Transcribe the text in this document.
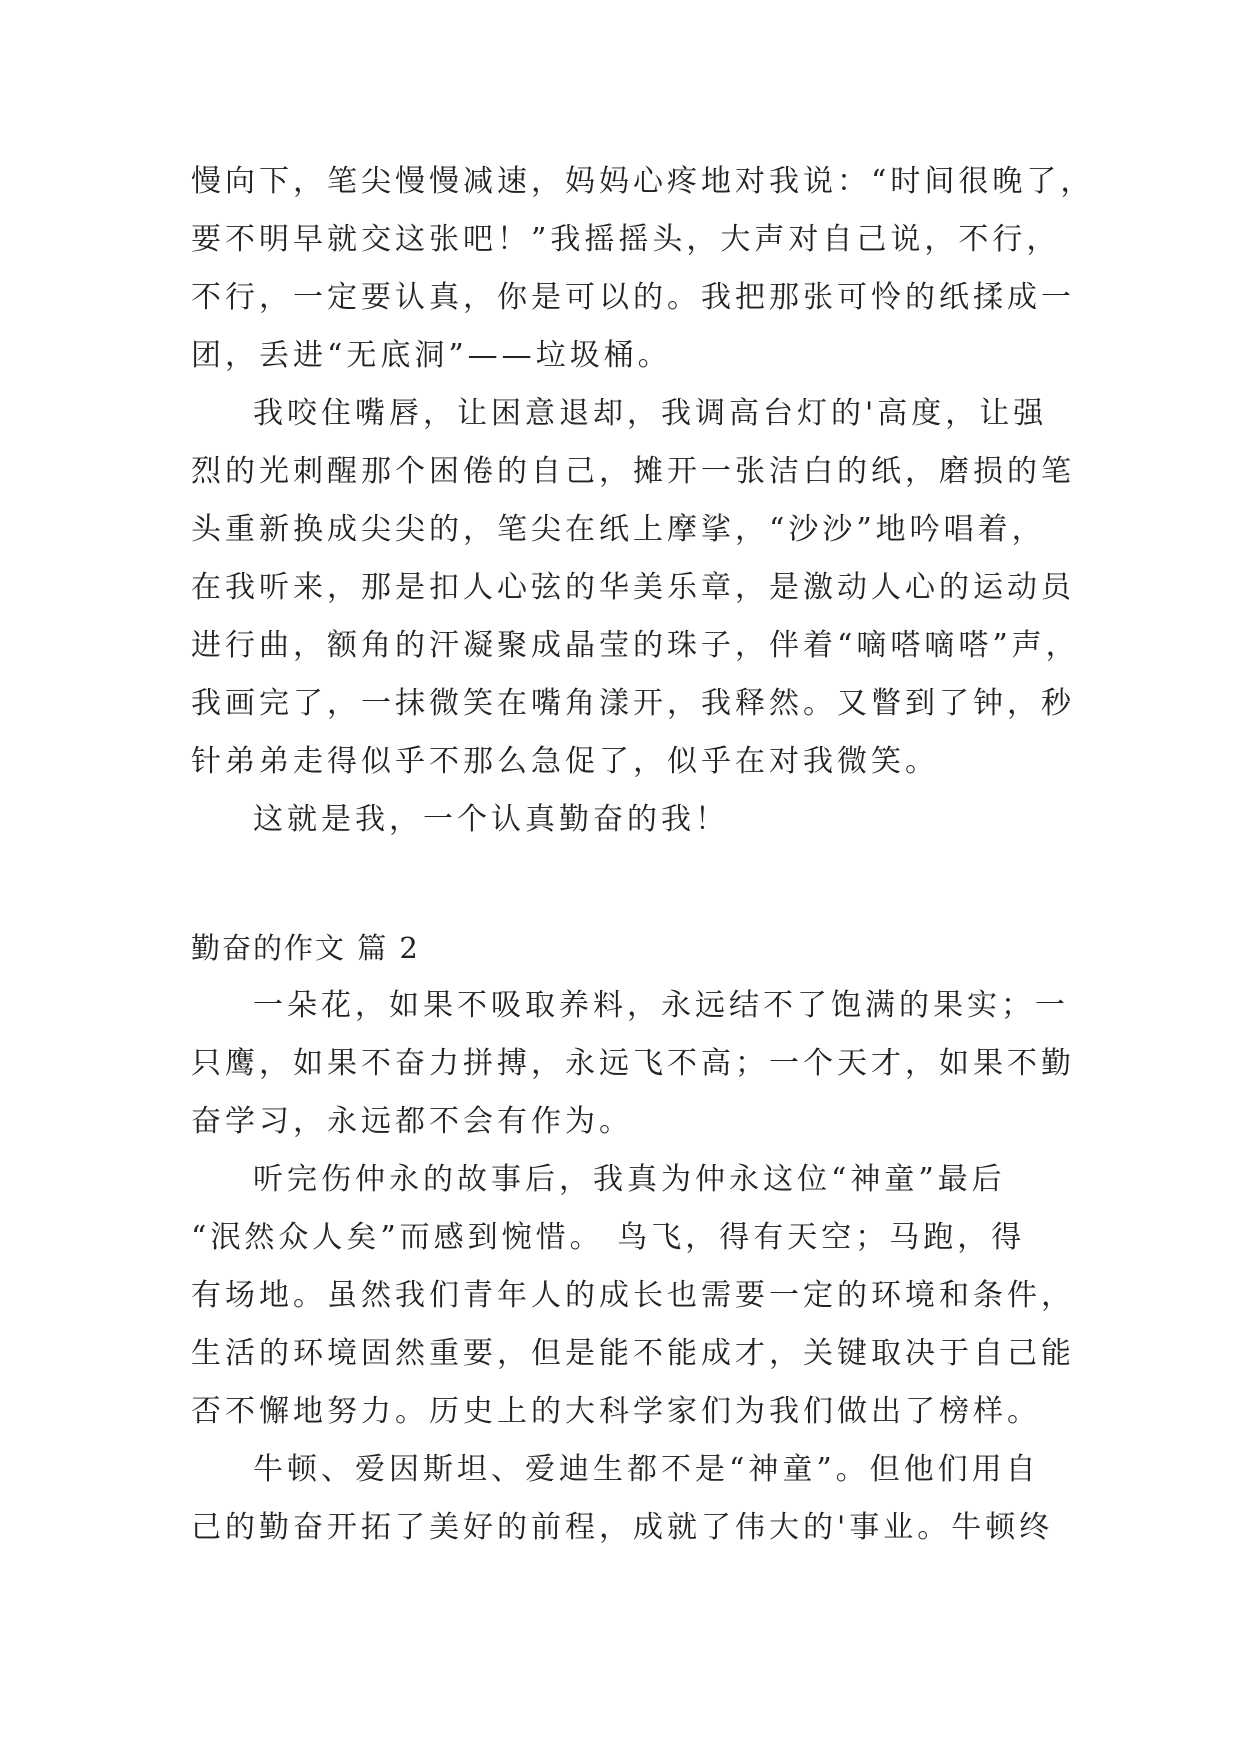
慢向下，笔尖慢慢减速，妈妈心疼地对我说：“时间很晚了，
要不明早就交这张吧！”我摇摇头，大声对自己说，不行，
不行，一定要认真，你是可以的。我把那张可怜的纸揉成一
团，丢进“无底洞”——垃圾桶。
我咬住嘴唇，让困意退却，我调高台灯的'高度，让强
烈的光刺醒那个困倦的自己，摊开一张洁白的纸，磨损的笔
头重新换成尖尖的，笔尖在纸上摩挲，“沙沙”地吟唱着，
在我听来，那是扣人心弦的华美乐章，是激动人心的运动员
进行曲，额角的汗凝聚成晶莹的珠子，伴着“嘀嗒嘀嗒”声，
我画完了，一抹微笑在嘴角漾开，我释然。又瞥到了钟，秒
针弟弟走得似乎不那么急促了，似乎在对我微笑。
这就是我，一个认真勤奋的我！
勤奋的作文 篇 2
一朵花，如果不吸取养料，永远结不了饱满的果实；一
只鹰，如果不奋力拼搏，永远飞不高；一个天才，如果不勤
奋学习，永远都不会有作为。
听完伤仲永的故事后，我真为仲永这位“神童”最后
“泯然众人矣”而感到惋惜。 鸟飞，得有天空；马跑，得
有场地。虽然我们青年人的成长也需要一定的环境和条件，
生活的环境固然重要，但是能不能成才，关键取决于自己能
否不懈地努力。历史上的大科学家们为我们做出了榜样。
牛顿、爱因斯坦、爱迪生都不是“神童”。但他们用自
己的勤奋开拓了美好的前程，成就了伟大的'事业。牛顿终
